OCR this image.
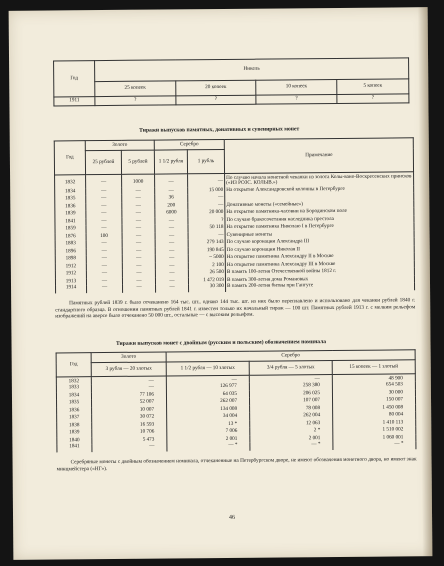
Год	Никель			
	25 копеек	20 копеек	10 копеек	5 копеек
1911	?	?	?	?
Тиражи выпусков памятных, донативных и сувенирных монет
Год	Золото		Серебро		Примечание
	25 рублей	5 рублей	1 1/2 рубля	1 рубль	
1832	—	1000	—	—	По случаю начала монетной чеканки из золота Колы-вано-Воскресенских приисков («ИЗ РОЗС. КОЛЫВ.»)
1834	—	—	—	15 000	На открытие Александровской колонны в Петербурге
1835	—	—	36	—	
1836	—	—	200	—	Донативные монеты («семейные»)
1839	—	—	6000	20 000	На открытие памятника-часовни на Бородинском поле
1841	—	—	—	?	По случаю бракосочетания наследника престола
1859	—	—	—	50 118	На открытие памятника Николаю I в Петербурге
1876	100	—	—	—	Сувенирные монеты
1883	—	—	—	279 143	По случаю коронации Александра III
1896	—	—	—	190 845	По случаю коронации Николая II
1898	—	—	—	~ 5000	На открытие памятника Александру II в Москве
1912	—	—	—	2 100	На открытие памятника Александру III в Москве
1912	—	—	—	26 500	В память 100-летия Отечественной войны 1812 г.
1913	—	—	—	1 472 019	В память 300-летия дома Романовых
1914	—	—	—	30 300	В память 200-летия битвы при Гангуте
Памятных рублей 1839 г. было отчеканено 164 тыс. шт., однако 144 тыс. шт. из них было переплавлено и использовано для чеканки рублей 1840 г. стандартного образца. В отношении памятных рублей 1841 г. известен только их начальный тираж — 100 шт. Памятных рублей 1913 г. с мелким рельефом изображений на аверсе было отчеканено 50 000 шт., остальные — с высоким рельефом.
Тиражи выпусков монет с двойным (русским и польским) обозначением номинала
Год	Золото	Серебро		
	3 рубля — 20 злотых	1 1/2 рубля — 10 злотых	3/4 рубля — 5 злотых	15 копеек — 1 злотый
1832	—	—	—	48 900
1833	—	126 977	258 380	654 503
1834	77 106	64 035	206 025	30 000
1835	52 007	262 007	107 007	150 007
1836	10 007	134 008	78 008	1 450 008
1837	30 072	34 004	262 004	80 004
1838	16 593	13 *	12 063	1 410 113
1839	10 706	7 006	2 *	1 510 002
1840	5 473	2 001	2 001	1 060 001
1841	—	— *	— *	— *
Серебряные монеты с двойным обозначением номинала, отчеканенные на Петербургском дворе, не имеют обозначения монетного двора, но имеют знак минцмейстера («НГ»).
46
